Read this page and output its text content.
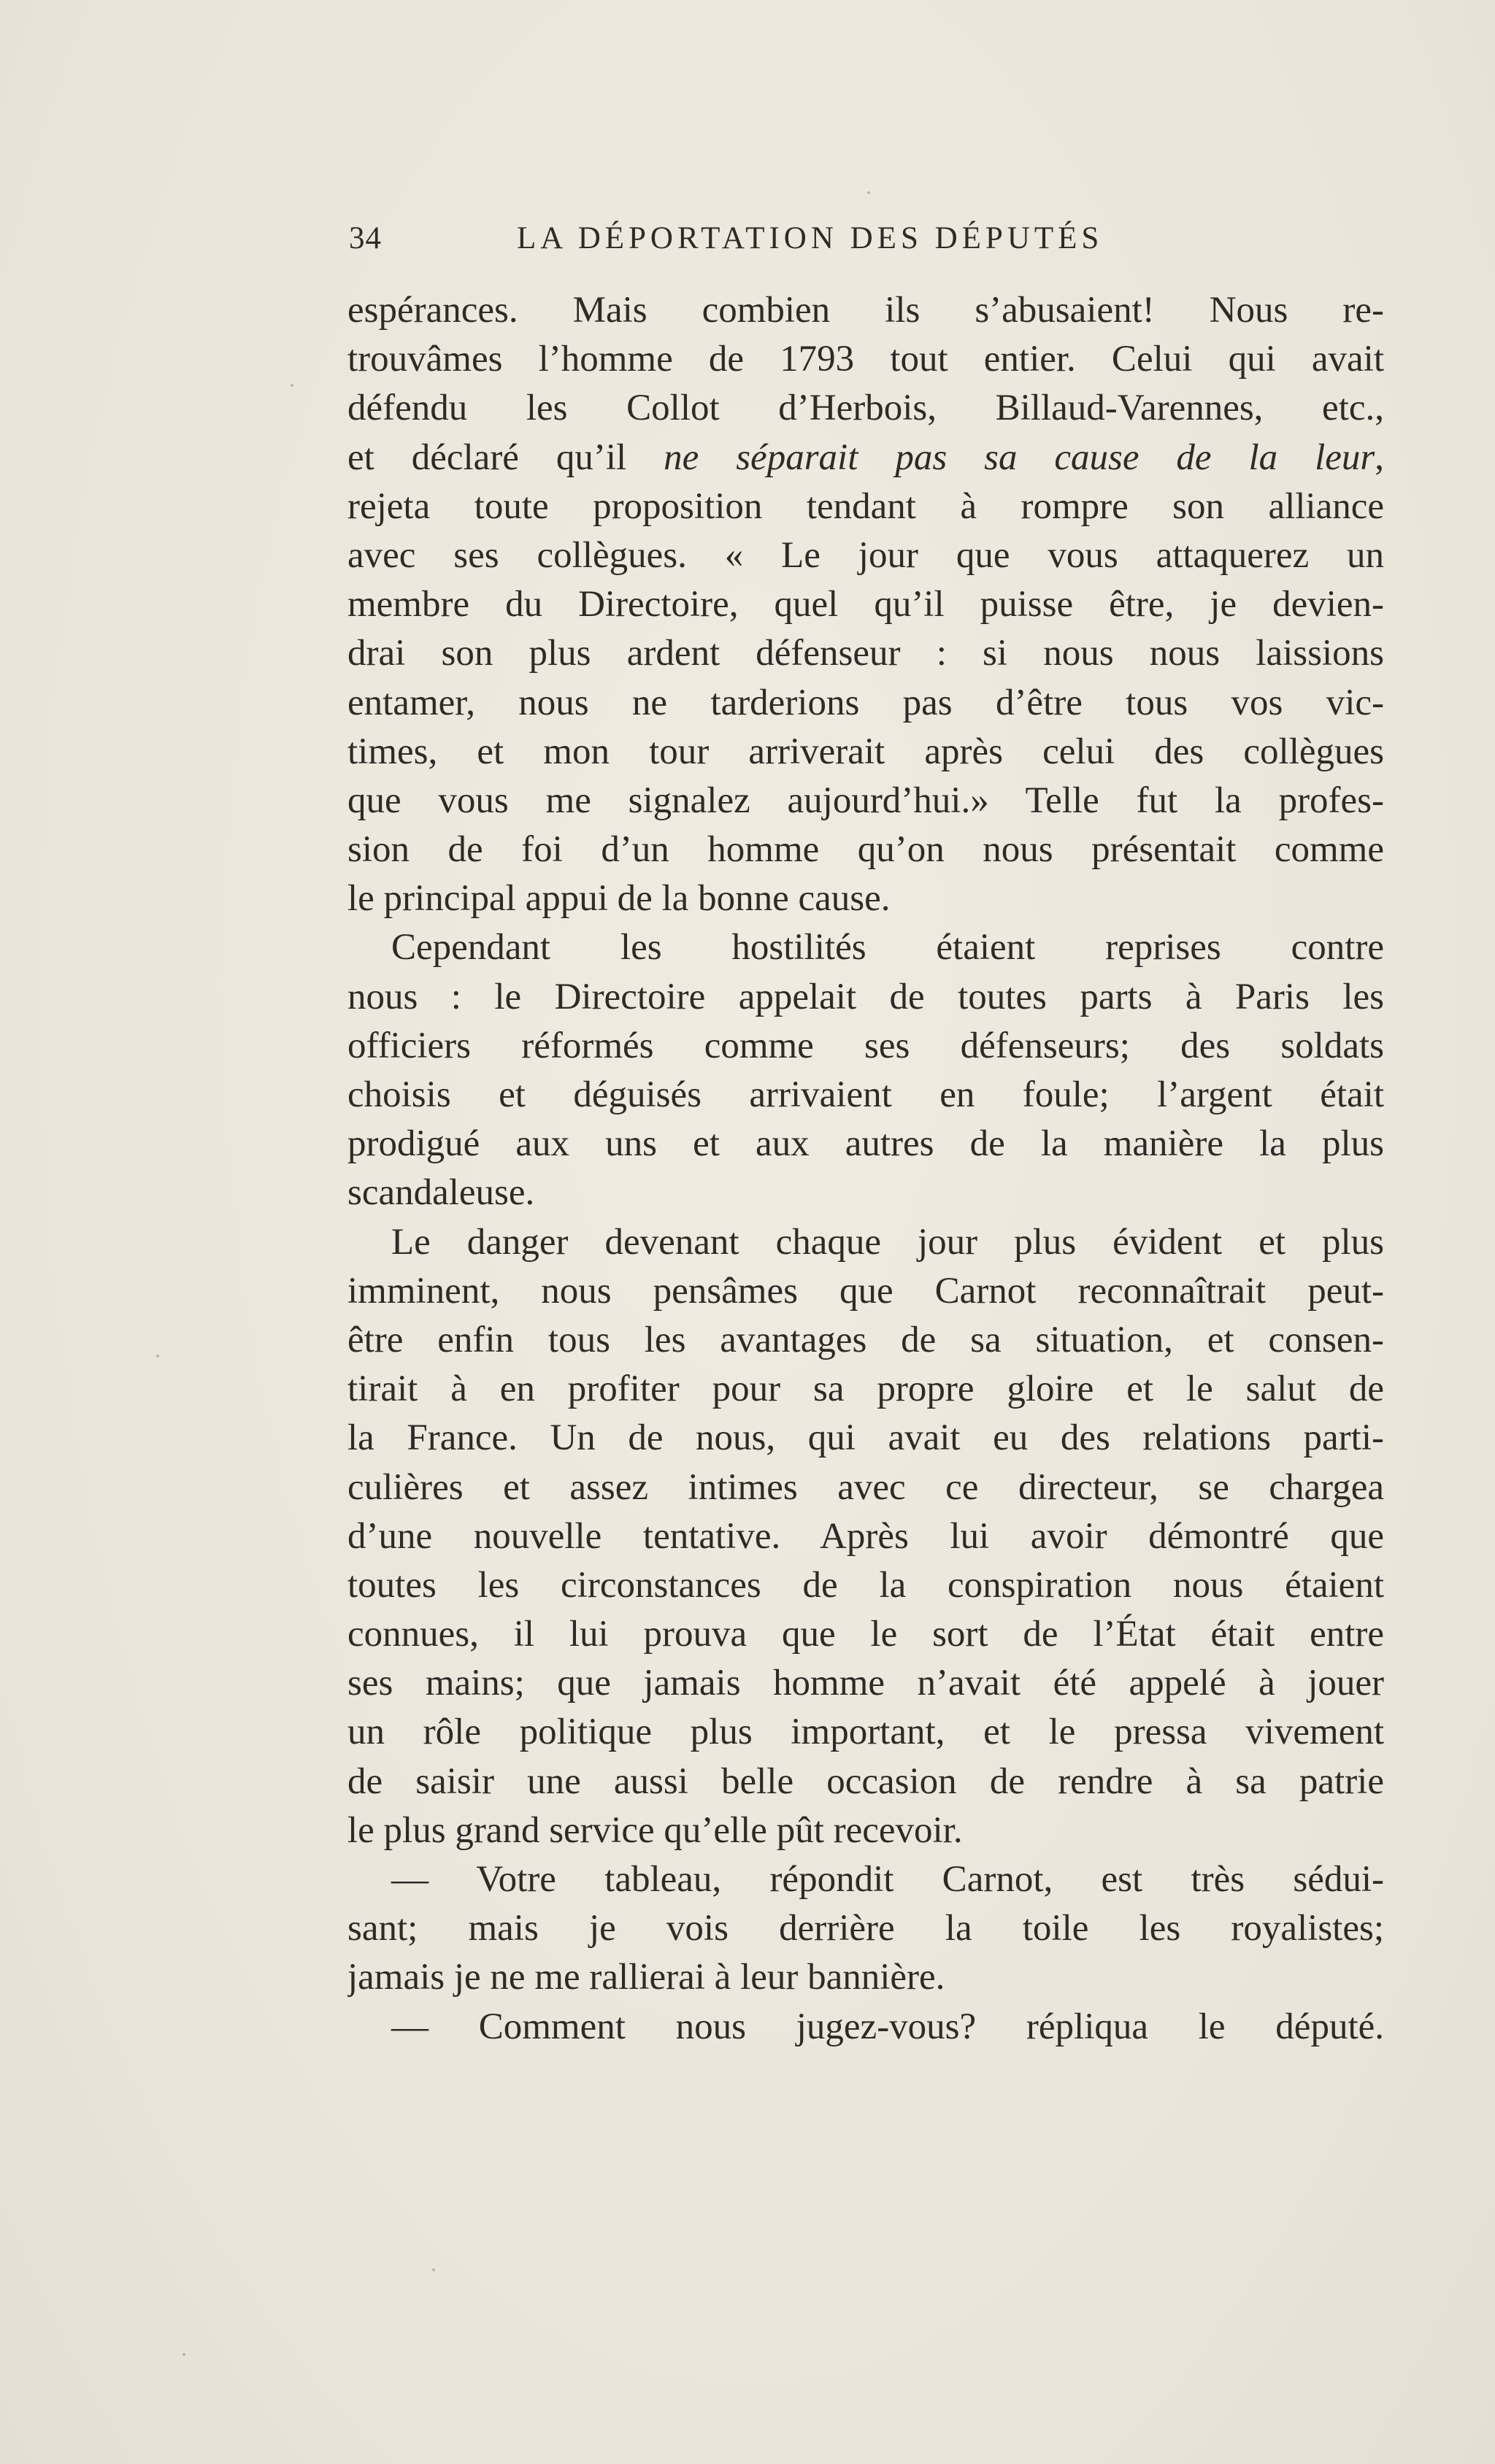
34	LA DÉPORTATION DES DÉPUTÉS
espérances. Mais combien ils s’abusaient! Nous re-
trouvâmes l’homme de 1793 tout entier. Celui qui avait
défendu les Collot d’Herbois, Billaud-Varennes, etc.,
et déclaré qu’il ne séparait pas sa cause de la leur,
rejeta toute proposition tendant à rompre son alliance
avec ses collègues. « Le jour que vous attaquerez un
membre du Directoire, quel qu’il puisse être, je devien-
drai son plus ardent défenseur : si nous nous laissions
entamer, nous ne tarderions pas d’être tous vos vic-
times, et mon tour arriverait après celui des collègues
que vous me signalez aujourd’hui.» Telle fut la profes-
sion de foi d’un homme qu’on nous présentait comme
le principal appui de la bonne cause.
Cependant les hostilités étaient reprises contre
nous : le Directoire appelait de toutes parts à Paris les
officiers réformés comme ses défenseurs; des soldats
choisis et déguisés arrivaient en foule; l’argent était
prodigué aux uns et aux autres de la manière la plus
scandaleuse.
Le danger devenant chaque jour plus évident et plus
imminent, nous pensâmes que Carnot reconnaîtrait peut-
être enfin tous les avantages de sa situation, et consen-
tirait à en profiter pour sa propre gloire et le salut de
la France. Un de nous, qui avait eu des relations parti-
culières et assez intimes avec ce directeur, se chargea
d’une nouvelle tentative. Après lui avoir démontré que
toutes les circonstances de la conspiration nous étaient
connues, il lui prouva que le sort de l’État était entre
ses mains; que jamais homme n’avait été appelé à jouer
un rôle politique plus important, et le pressa vivement
de saisir une aussi belle occasion de rendre à sa patrie
le plus grand service qu’elle pût recevoir.
— Votre tableau, répondit Carnot, est très sédui-
sant; mais je vois derrière la toile les royalistes;
jamais je ne me rallierai à leur bannière.
— Comment nous jugez-vous? répliqua le député.
